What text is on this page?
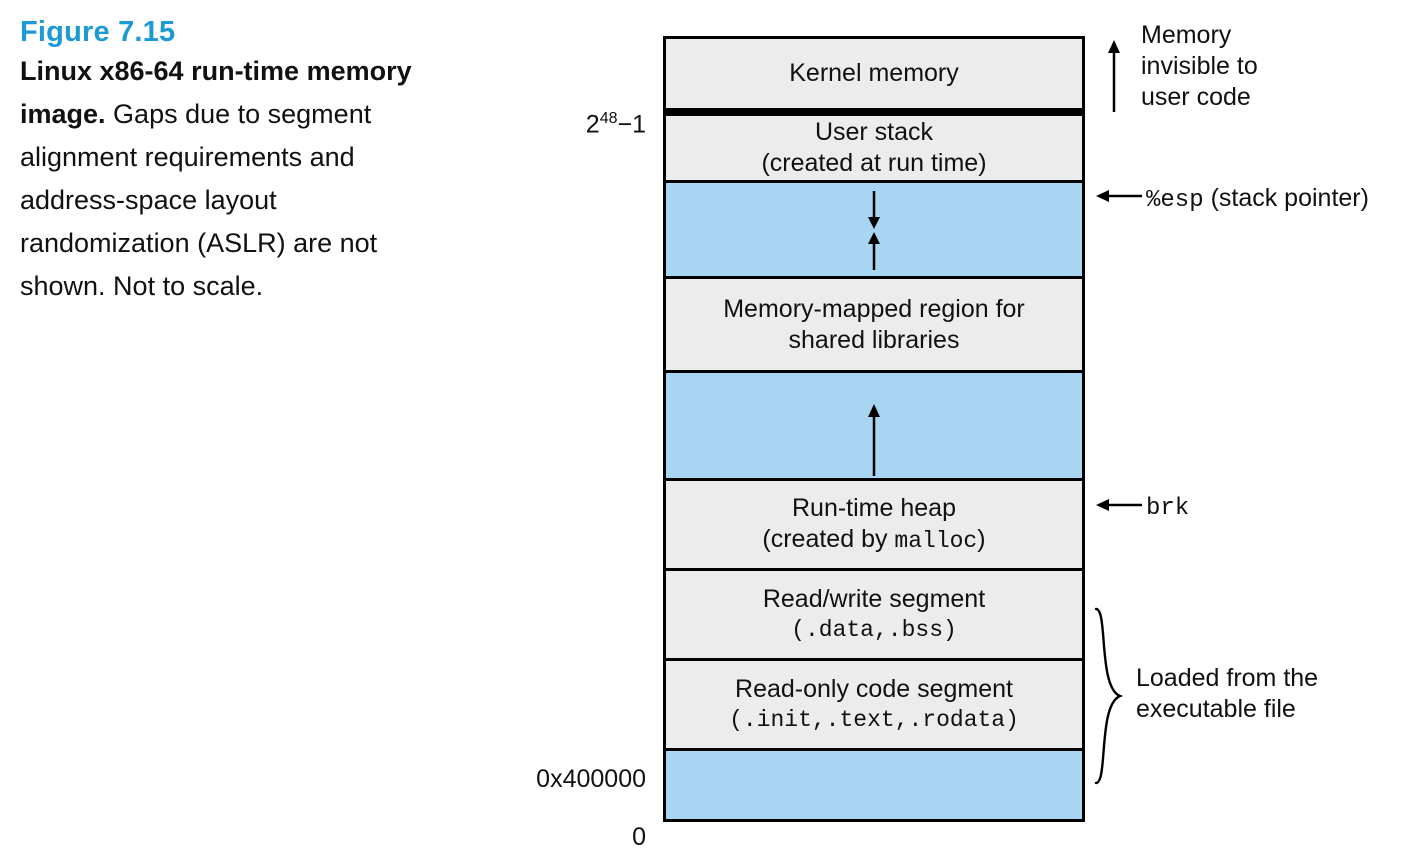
Figure 7.15
Linux x86-64 run-time memory image. Gaps due to segment alignment requirements and address-space layout randomization (ASLR) are not shown. Not to scale.
Kernel memory
User stack
(created at run time)
Memory-mapped region for
shared libraries
Run-time heap
(created by malloc)
Read/write segment
(.data,.bss)
Read-only code segment
(.init,.text,.rodata)
$2^{48}-1$
0x400000
0
Memory
invisible to
user code
%esp (stack pointer)
brk
Loaded from the
executable file
